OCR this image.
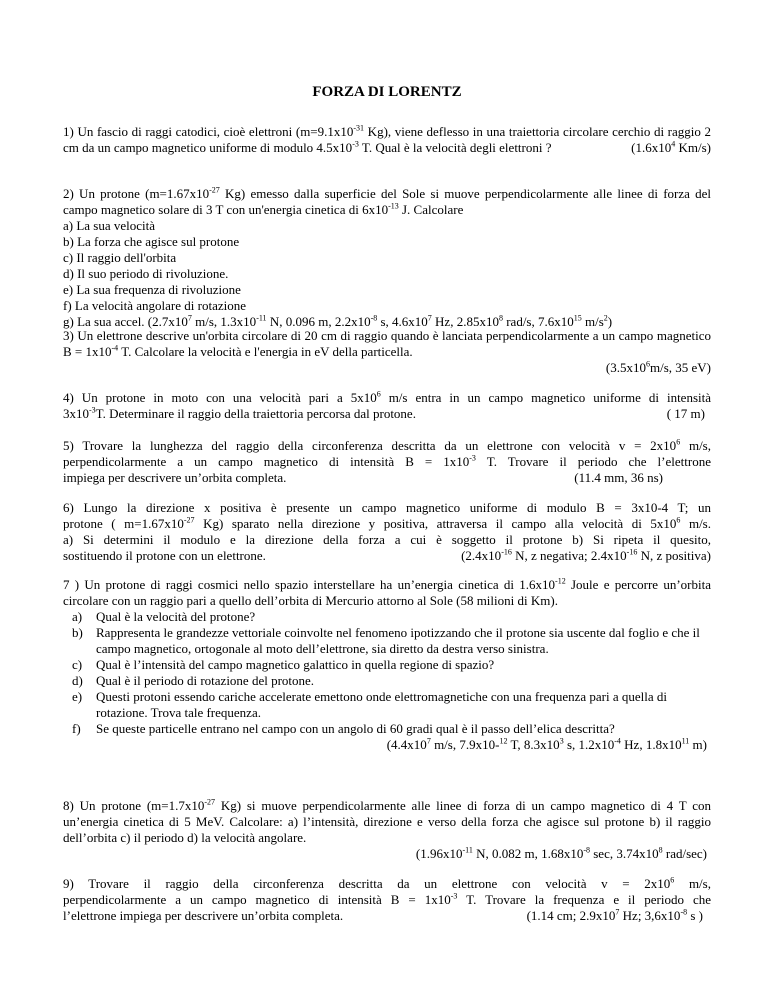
FORZA DI LORENTZ

1) Un fascio di raggi catodici, cioè elettroni ($m=9.1x10^{-31}$ Kg), viene deflesso in una traiettoria circolare cerchio di raggio 2 cm da un campo magnetico uniforme di modulo $4.5x10^{-3}$ T. Qual è la velocità degli elettroni ?	($1.6x10^4$ Km/s)

2) Un protone ($m=1.67x10^{-27}$ Kg) emesso dalla superficie del Sole si muove perpendicolarmente alle linee di forza del campo magnetico solare di 3 T con un'energia cinetica di $6x10^{-13}$ J. Calcolare

a) La sua velocità

b) La forza che agisce sul protone

c) Il raggio dell'orbita

d) Il suo periodo di rivoluzione.

e) La sua frequenza di rivoluzione

f) La velocità angolare di rotazione

g) La sua accel. ($2.7x10^7$ m/s, $1.3x10^{-11}$ N, 0.096 m, $2.2x10^{-8}$ s, $4.6x10^7$ Hz, $2.85x10^8$ rad/s, $7.6x10^{15}$ $m/s^2$)

3) Un elettrone descrive un'orbita circolare di 20 cm di raggio quando è lanciata perpendicolarmente a un campo magnetico $B = 1x10^{-4}$ T. Calcolare la velocità e l'energia in eV della particella.

($3.5x10^6m/s$, 35 eV)

4) Un protone in moto con una velocità pari a $5x10^6$ m/s entra in un campo magnetico uniforme di intensità

$3x10^{-3}T$. Determinare il raggio della traiettoria percorsa dal protone.	( 17 m)

5) Trovare la lunghezza del raggio della circonferenza descritta da un elettrone con velocità $v = 2x10^6$ m/s,

perpendicolarmente a un campo magnetico di intensità $B = 1x10^{-3}$ T. Trovare il periodo che l’elettrone

impiega per descrivere un’orbita completa.	(11.4 mm, 36 ns)

6) Lungo la direzione x positiva è presente un campo magnetico uniforme di modulo B = 3x10-4 T; un

protone ( $m=1.67x10^{-27}$ Kg) sparato nella direzione y positiva, attraversa il campo alla velocità di $5x10^6$ m/s.

a) Si determini il modulo e la direzione della forza a cui è soggetto il protone b) Si ripeta il quesito,

sostituendo il protone con un elettrone.	($2.4x10^{-16}$ N, z negativa; $2.4x10^{-16}$ N, z positiva)

7 ) Un protone di raggi cosmici nello spazio interstellare ha un’energia cinetica di $1.6x10^{-12}$ Joule e percorre un’orbita circolare con un raggio pari a quello dell’orbita di Mercurio attorno al Sole (58 milioni di Km).

a) Qual è la velocità del protone?
b) Rappresenta le grandezze vettoriale coinvolte nel fenomeno ipotizzando che il protone sia uscente dal foglio e che il campo magnetico, ortogonale al moto dell’elettrone, sia diretto da destra verso sinistra.
c) Qual è l’intensità del campo magnetico galattico in quella regione di spazio?
d) Qual è il periodo di rotazione del protone.
e) Questi protoni essendo cariche accelerate emettono onde elettromagnetiche con una frequenza pari a quella di rotazione. Trova tale frequenza.
f) Se queste particelle entrano nel campo con un angolo di 60 gradi qual è il passo dell’elica descritta?

($4.4x10^7$ m/s, 7.9x10-$^{12}$ T, $8.3x10^3$ s, $1.2x10^{-4}$ Hz, $1.8x10^{11}$ m)

8) Un protone ($m=1.7x10^{-27}$ Kg) si muove perpendicolarmente alle linee di forza di un campo magnetico di 4 T con un’energia cinetica di 5 MeV. Calcolare: a) l’intensità, direzione e verso della forza che agisce sul protone b) il raggio dell’orbita c) il periodo d) la velocità angolare.

($1.96x10^{-11}$ N, 0.082 m, $1.68x10^{-8}$ sec, $3.74x10^8$ rad/sec)

9) Trovare il raggio della circonferenza descritta da un elettrone con velocità $v = 2x10^6$ m/s,

perpendicolarmente a un campo magnetico di intensità $B = 1x10^{-3}$ T. Trovare la frequenza e il periodo che

l’elettrone impiega per descrivere un’orbita completa.	(1.14 cm; $2.9x10^7$ Hz; $3,6x10^{-8}$ s )
